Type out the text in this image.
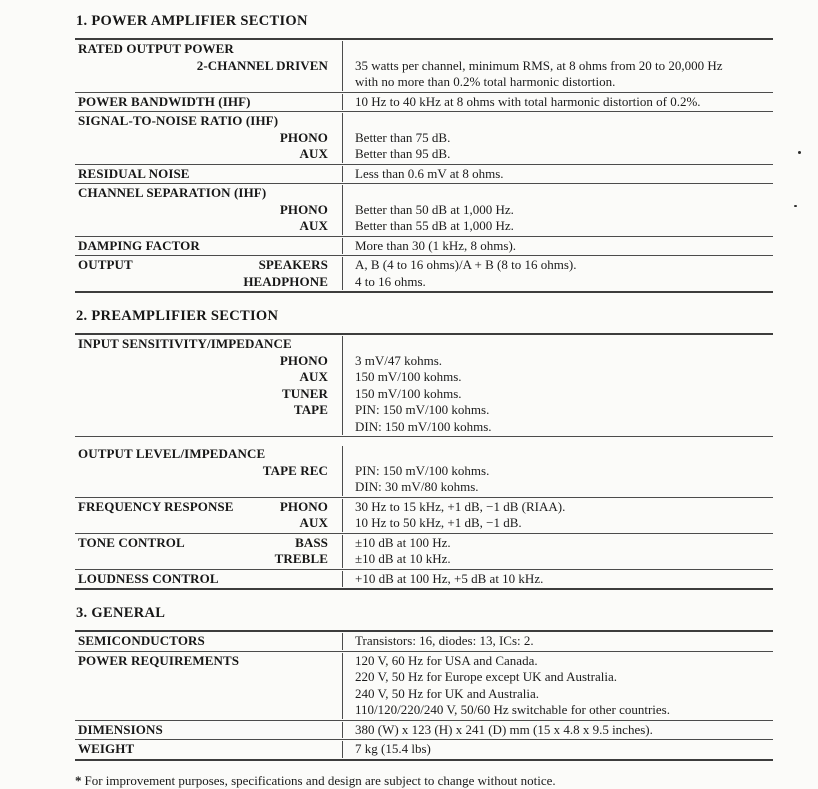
1. POWER AMPLIFIER SECTION
RATED OUTPUT POWER
2-CHANNEL DRIVEN	35 watts per channel, minimum RMS, at 8 ohms from 20 to 20,000 Hz
with no more than 0.2% total harmonic distortion.
POWER BANDWIDTH (IHF)	10 Hz to 40 kHz at 8 ohms with total harmonic distortion of 0.2%.
SIGNAL-TO-NOISE RATIO (IHF)
PHONO	Better than 75 dB.
AUX	Better than 95 dB.
RESIDUAL NOISE	Less than 0.6 mV at 8 ohms.
CHANNEL SEPARATION (IHF)
PHONO	Better than 50 dB at 1,000 Hz.
AUX	Better than 55 dB at 1,000 Hz.
DAMPING FACTOR	More than 30 (1 kHz, 8 ohms).
OUTPUT	SPEAKERS	A, B (4 to 16 ohms)/A + B (8 to 16 ohms).
HEADPHONE	4 to 16 ohms.
2. PREAMPLIFIER SECTION
INPUT SENSITIVITY/IMPEDANCE
PHONO	3 mV/47 kohms.
AUX	150 mV/100 kohms.
TUNER	150 mV/100 kohms.
TAPE	PIN: 150 mV/100 kohms.
DIN: 150 mV/100 kohms.
OUTPUT LEVEL/IMPEDANCE
TAPE REC	PIN: 150 mV/100 kohms.
DIN: 30 mV/80 kohms.
FREQUENCY RESPONSE	PHONO	30 Hz to 15 kHz, +1 dB, −1 dB (RIAA).
AUX	10 Hz to 50 kHz, +1 dB, −1 dB.
TONE CONTROL	BASS	±10 dB at 100 Hz.
TREBLE	±10 dB at 10 kHz.
LOUDNESS CONTROL	+10 dB at 100 Hz, +5 dB at 10 kHz.
3. GENERAL
SEMICONDUCTORS	Transistors: 16, diodes: 13, ICs: 2.
POWER REQUIREMENTS	120 V, 60 Hz for USA and Canada.
220 V, 50 Hz for Europe except UK and Australia.
240 V, 50 Hz for UK and Australia.
110/120/220/240 V, 50/60 Hz switchable for other countries.
DIMENSIONS	380 (W) x 123 (H) x 241 (D) mm (15 x 4.8 x 9.5 inches).
WEIGHT	7 kg (15.4 lbs)

* For improvement purposes, specifications and design are subject to change without notice.
